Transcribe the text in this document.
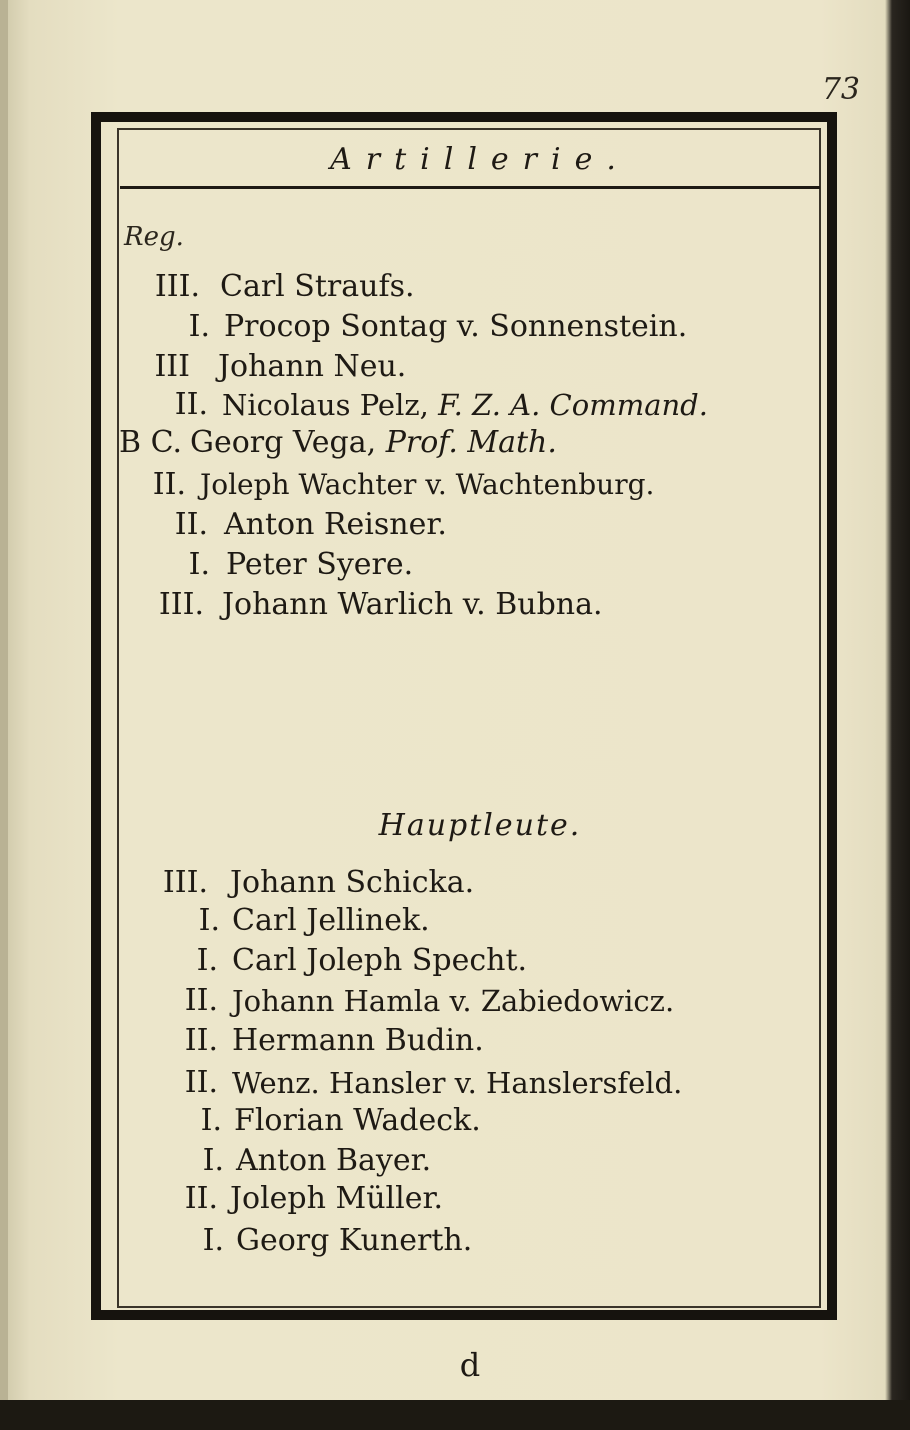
73
Artillerie.
Reg.
III. Carl Straufs.
I. Procop Sontag v. Sonnenstein.
III Johann Neu.
II. Nicolaus Pelz, F. Z. A. Command.
B C. Georg Vega, Prof. Math.
II. Joleph Wachter v. Wachtenburg.
II. Anton Reisner.
I. Peter Syere.
III. Johann Warlich v. Bubna.
Hauptleute.
III. Johann Schicka.
I. Carl Jellinek.
I. Carl Joleph Specht.
II. Johann Hamla v. Zabiedowicz.
II. Hermann Budin.
II. Wenz. Hansler v. Hanslersfeld.
I. Florian Wadeck.
I. Anton Bayer.
II. Joleph Müller.
I. Georg Kunerth.
d
